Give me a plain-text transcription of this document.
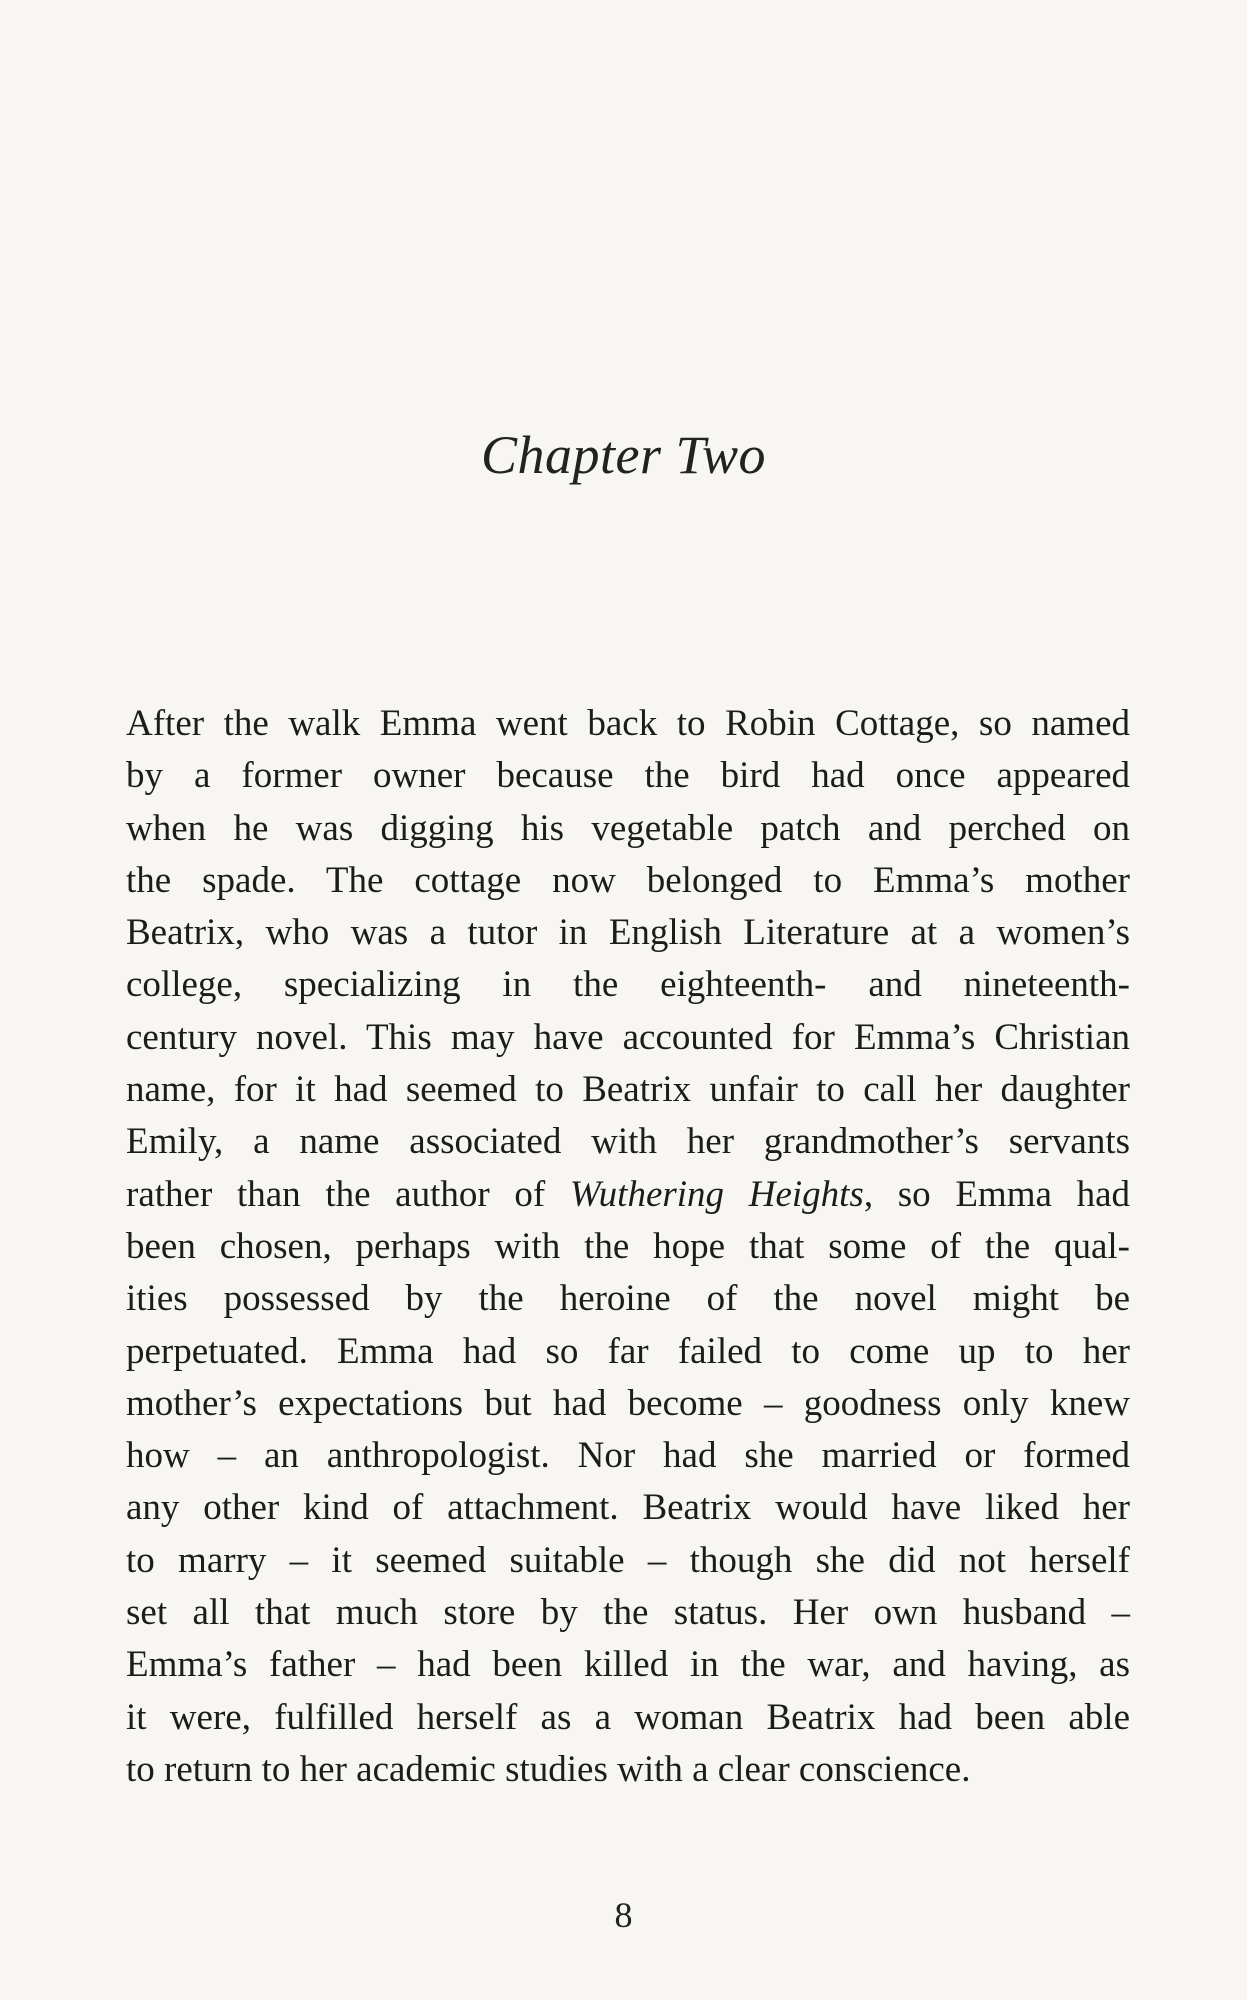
Chapter Two
After the walk Emma went back to Robin Cottage, so named
by a former owner because the bird had once appeared
when he was digging his vegetable patch and perched on
the spade. The cottage now belonged to Emma’s mother
Beatrix, who was a tutor in English Literature at a women’s
college, specializing in the eighteenth- and nineteenth-
century novel. This may have accounted for Emma’s Christian
name, for it had seemed to Beatrix unfair to call her daughter
Emily, a name associated with her grandmother’s servants
rather than the author of Wuthering Heights, so Emma had
been chosen, perhaps with the hope that some of the qual-
ities possessed by the heroine of the novel might be
perpetuated. Emma had so far failed to come up to her
mother’s expectations but had become – goodness only knew
how – an anthropologist. Nor had she married or formed
any other kind of attachment. Beatrix would have liked her
to marry – it seemed suitable – though she did not herself
set all that much store by the status. Her own husband –
Emma’s father – had been killed in the war, and having, as
it were, fulfilled herself as a woman Beatrix had been able
to return to her academic studies with a clear conscience.
8
